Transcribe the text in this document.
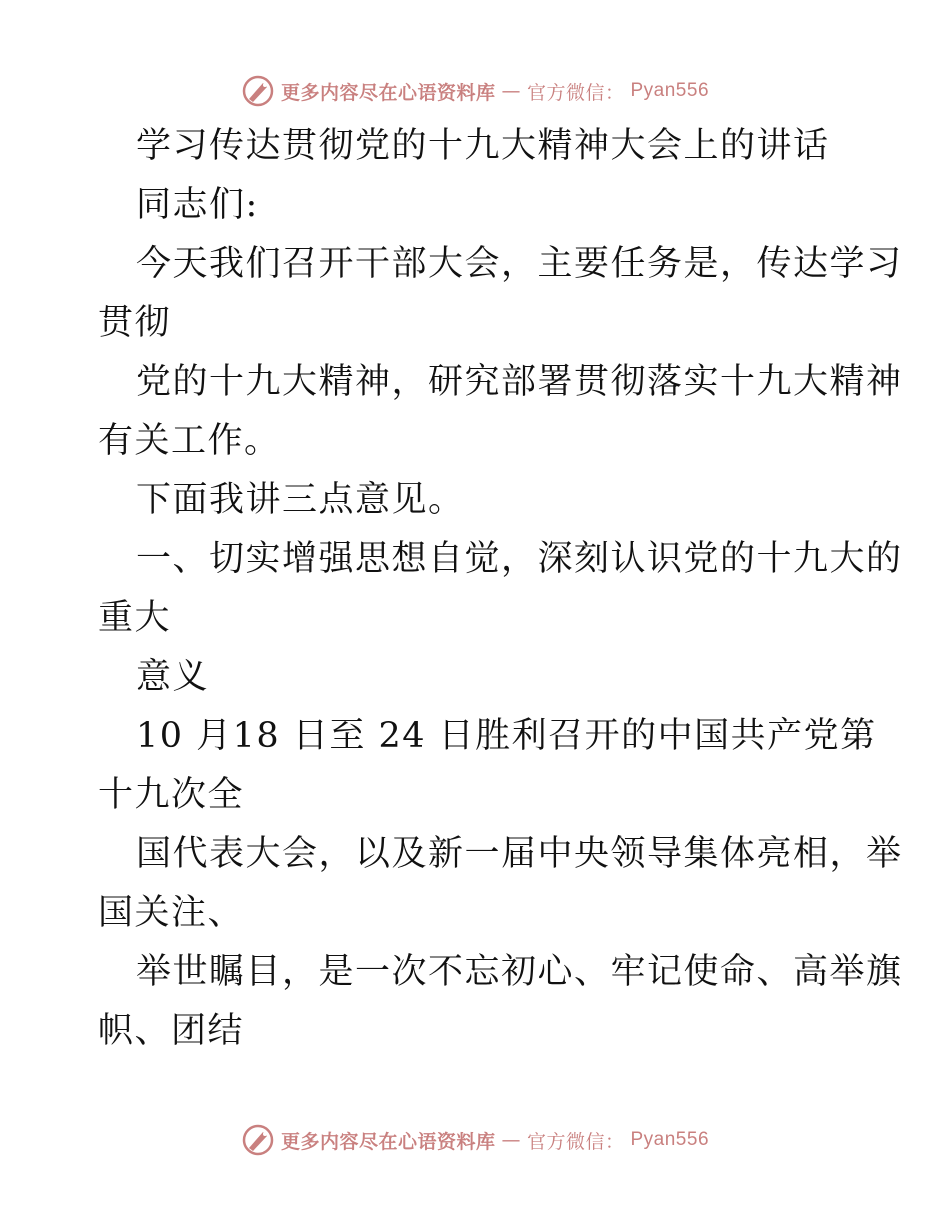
更多内容尽在心语资料库 — 官方微信： Pyan556
学习传达贯彻党的十九大精神大会上的讲话
同志们:
今天我们召开干部大会，主要任务是，传达学习
贯彻
党的十九大精神，研究部署贯彻落实十九大精神
有关工作。
下面我讲三点意见。
一、切实增强思想自觉，深刻认识党的十九大的
重大
意义
10 月18 日至 24 日胜利召开的中国共产党第
十九次全
国代表大会，以及新一届中央领导集体亮相，举
国关注、
举世瞩目，是一次不忘初心、牢记使命、高举旗
帜、团结
更多内容尽在心语资料库 — 官方微信： Pyan556
